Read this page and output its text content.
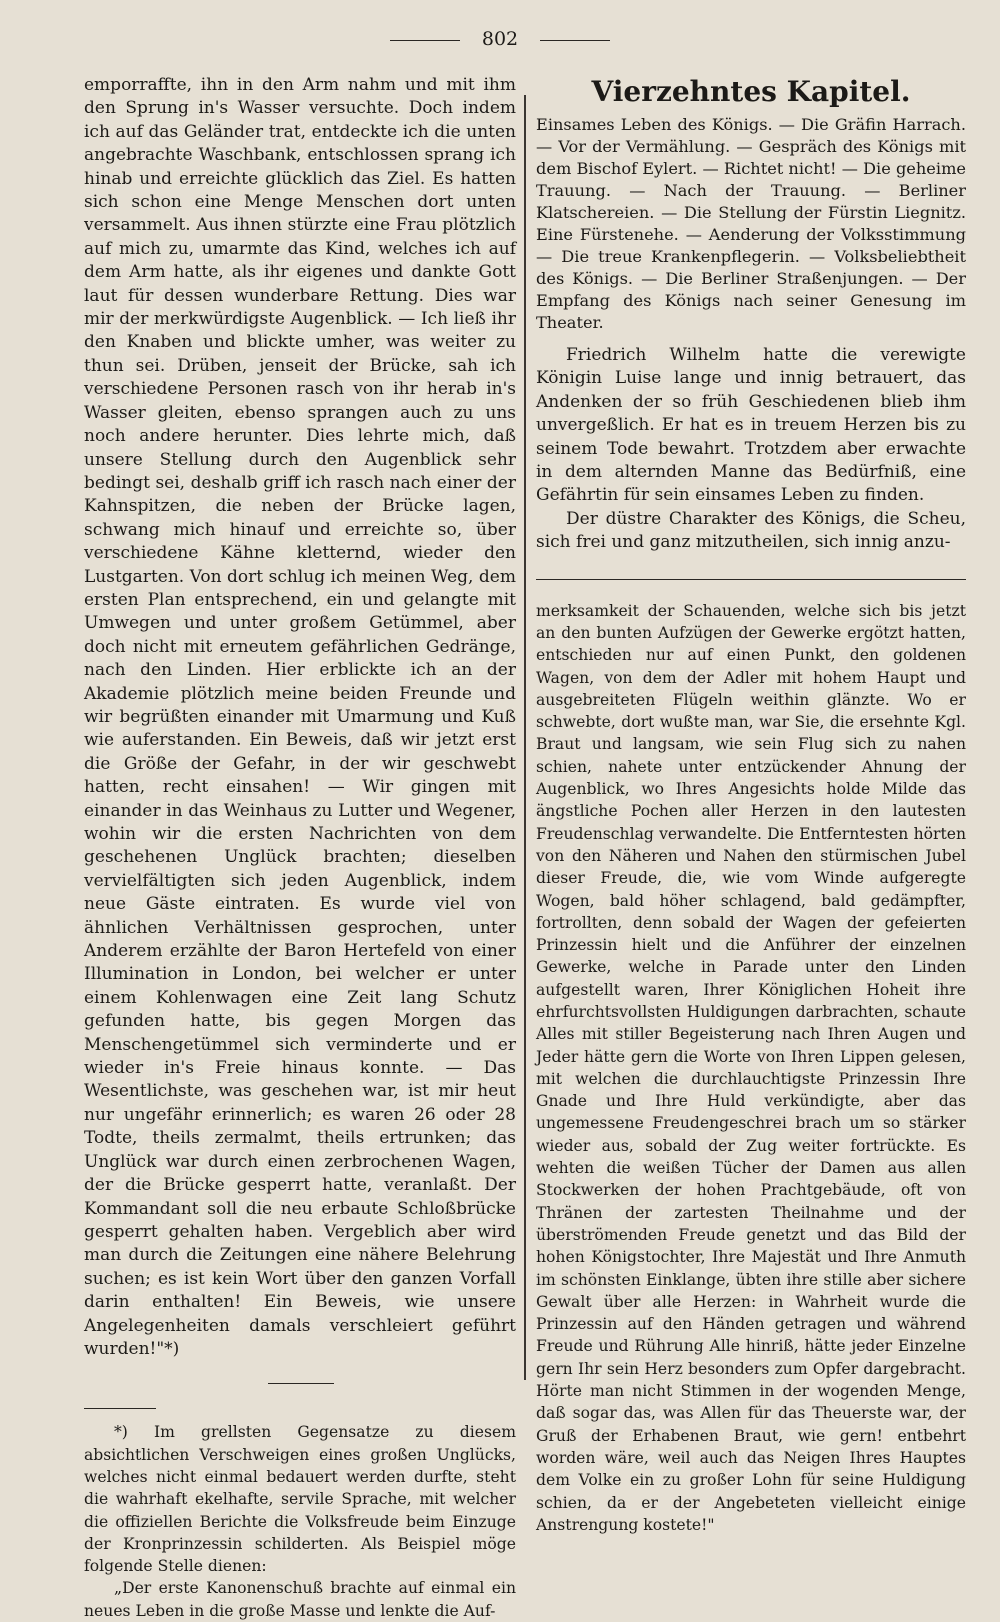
802

emporraffte, ihn in den Arm nahm und mit ihm den Sprung in's Wasser versuchte. Doch indem ich auf das Geländer trat, entdeckte ich die unten angebrachte Waschbank, entschlossen sprang ich hinab und erreichte glücklich das Ziel. Es hatten sich schon eine Menge Menschen dort unten versammelt. Aus ihnen stürzte eine Frau plötzlich auf mich zu, umarmte das Kind, welches ich auf dem Arm hatte, als ihr eigenes und dankte Gott laut für dessen wunderbare Rettung. Dies war mir der merkwürdigste Augenblick. — Ich ließ ihr den Knaben und blickte umher, was weiter zu thun sei. Drüben, jenseit der Brücke, sah ich verschiedene Personen rasch von ihr herab in's Wasser gleiten, ebenso sprangen auch zu uns noch andere herunter. Dies lehrte mich, daß unsere Stellung durch den Augenblick sehr bedingt sei, deshalb griff ich rasch nach einer der Kahnspitzen, die neben der Brücke lagen, schwang mich hinauf und erreichte so, über verschiedene Kähne kletternd, wieder den Lustgarten. Von dort schlug ich meinen Weg, dem ersten Plan entsprechend, ein und gelangte mit Umwegen und unter großem Getümmel, aber doch nicht mit erneutem gefährlichen Gedränge, nach den Linden. Hier erblickte ich an der Akademie plötzlich meine beiden Freunde und wir begrüßten einander mit Umarmung und Kuß wie auferstanden. Ein Beweis, daß wir jetzt erst die Größe der Gefahr, in der wir geschwebt hatten, recht einsahen! — Wir gingen mit einander in das Weinhaus zu Lutter und Wegener, wohin wir die ersten Nachrichten von dem geschehenen Unglück brachten; dieselben vervielfältigten sich jeden Augenblick, indem neue Gäste eintraten. Es wurde viel von ähnlichen Verhältnissen gesprochen, unter Anderem erzählte der Baron Hertefeld von einer Illumination in London, bei welcher er unter einem Kohlenwagen eine Zeit lang Schutz gefunden hatte, bis gegen Morgen das Menschengetümmel sich verminderte und er wieder in's Freie hinaus konnte. — Das Wesentlichste, was geschehen war, ist mir heut nur ungefähr erinnerlich; es waren 26 oder 28 Todte, theils zermalmt, theils ertrunken; das Unglück war durch einen zerbrochenen Wagen, der die Brücke gesperrt hatte, veranlaßt. Der Kommandant soll die neu erbaute Schloßbrücke gesperrt gehalten haben. Vergeblich aber wird man durch die Zeitungen eine nähere Belehrung suchen; es ist kein Wort über den ganzen Vorfall darin enthalten! Ein Beweis, wie unsere Angelegenheiten damals verschleiert geführt wurden!"*)

*) Im grellsten Gegensatze zu diesem absichtlichen Verschweigen eines großen Unglücks, welches nicht einmal bedauert werden durfte, steht die wahrhaft ekelhafte, servile Sprache, mit welcher die offiziellen Berichte die Volksfreude beim Einzuge der Kronprinzessin schilderten. Als Beispiel möge folgende Stelle dienen:

„Der erste Kanonenschuß brachte auf einmal ein neues Leben in die große Masse und lenkte die Auf-

Vierzehntes Kapitel.

Einsames Leben des Königs. — Die Gräfin Harrach. — Vor der Vermählung. — Gespräch des Königs mit dem Bischof Eylert. — Richtet nicht! — Die geheime Trauung. — Nach der Trauung. — Berliner Klatschereien. — Die Stellung der Fürstin Liegnitz. Eine Fürstenehe. — Aenderung der Volksstimmung — Die treue Krankenpflegerin. — Volksbeliebtheit des Königs. — Die Berliner Straßenjungen. — Der Empfang des Königs nach seiner Genesung im Theater.

Friedrich Wilhelm hatte die verewigte Königin Luise lange und innig betrauert, das Andenken der so früh Geschiedenen blieb ihm unvergeßlich. Er hat es in treuem Herzen bis zu seinem Tode bewahrt. Trotzdem aber erwachte in dem alternden Manne das Bedürfniß, eine Gefährtin für sein einsames Leben zu finden.

Der düstre Charakter des Königs, die Scheu, sich frei und ganz mitzutheilen, sich innig anzu-

merksamkeit der Schauenden, welche sich bis jetzt an den bunten Aufzügen der Gewerke ergötzt hatten, entschieden nur auf einen Punkt, den goldenen Wagen, von dem der Adler mit hohem Haupt und ausgebreiteten Flügeln weithin glänzte. Wo er schwebte, dort wußte man, war Sie, die ersehnte Kgl. Braut und langsam, wie sein Flug sich zu nahen schien, nahete unter entzückender Ahnung der Augenblick, wo Ihres Angesichts holde Milde das ängstliche Pochen aller Herzen in den lautesten Freudenschlag verwandelte. Die Entferntesten hörten von den Näheren und Nahen den stürmischen Jubel dieser Freude, die, wie vom Winde aufgeregte Wogen, bald höher schlagend, bald gedämpfter, fortrollten, denn sobald der Wagen der gefeierten Prinzessin hielt und die Anführer der einzelnen Gewerke, welche in Parade unter den Linden aufgestellt waren, Ihrer Königlichen Hoheit ihre ehrfurchtsvollsten Huldigungen darbrachten, schaute Alles mit stiller Begeisterung nach Ihren Augen und Jeder hätte gern die Worte von Ihren Lippen gelesen, mit welchen die durchlauchtigste Prinzessin Ihre Gnade und Ihre Huld verkündigte, aber das ungemessene Freudengeschrei brach um so stärker wieder aus, sobald der Zug weiter fortrückte. Es wehten die weißen Tücher der Damen aus allen Stockwerken der hohen Prachtgebäude, oft von Thränen der zartesten Theilnahme und der überströmenden Freude genetzt und das Bild der hohen Königstochter, Ihre Majestät und Ihre Anmuth im schönsten Einklange, übten ihre stille aber sichere Gewalt über alle Herzen: in Wahrheit wurde die Prinzessin auf den Händen getragen und während Freude und Rührung Alle hinriß, hätte jeder Einzelne gern Ihr sein Herz besonders zum Opfer dargebracht. Hörte man nicht Stimmen in der wogenden Menge, daß sogar das, was Allen für das Theuerste war, der Gruß der Erhabenen Braut, wie gern! entbehrt worden wäre, weil auch das Neigen Ihres Hauptes dem Volke ein zu großer Lohn für seine Huldigung schien, da er der Angebeteten vielleicht einige Anstrengung kostete!"
